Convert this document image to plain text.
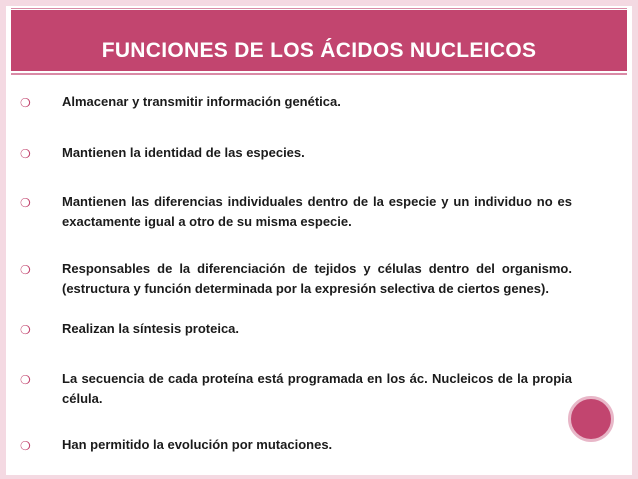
FUNCIONES DE LOS ÁCIDOS NUCLEICOS
❍ Almacenar y transmitir información genética.
❍ Mantienen la identidad de las especies.
❍ Mantienen las diferencias individuales dentro de la especie y un individuo no es exactamente igual a otro de su misma especie.
❍ Responsables de la diferenciación de tejidos y células dentro del organismo. (estructura y función determinada por la expresión selectiva de ciertos genes).
❍ Realizan la síntesis proteica.
❍ La secuencia de cada proteína está programada en los ác. Nucleicos de la propia célula.
❍ Han permitido la evolución por mutaciones.
